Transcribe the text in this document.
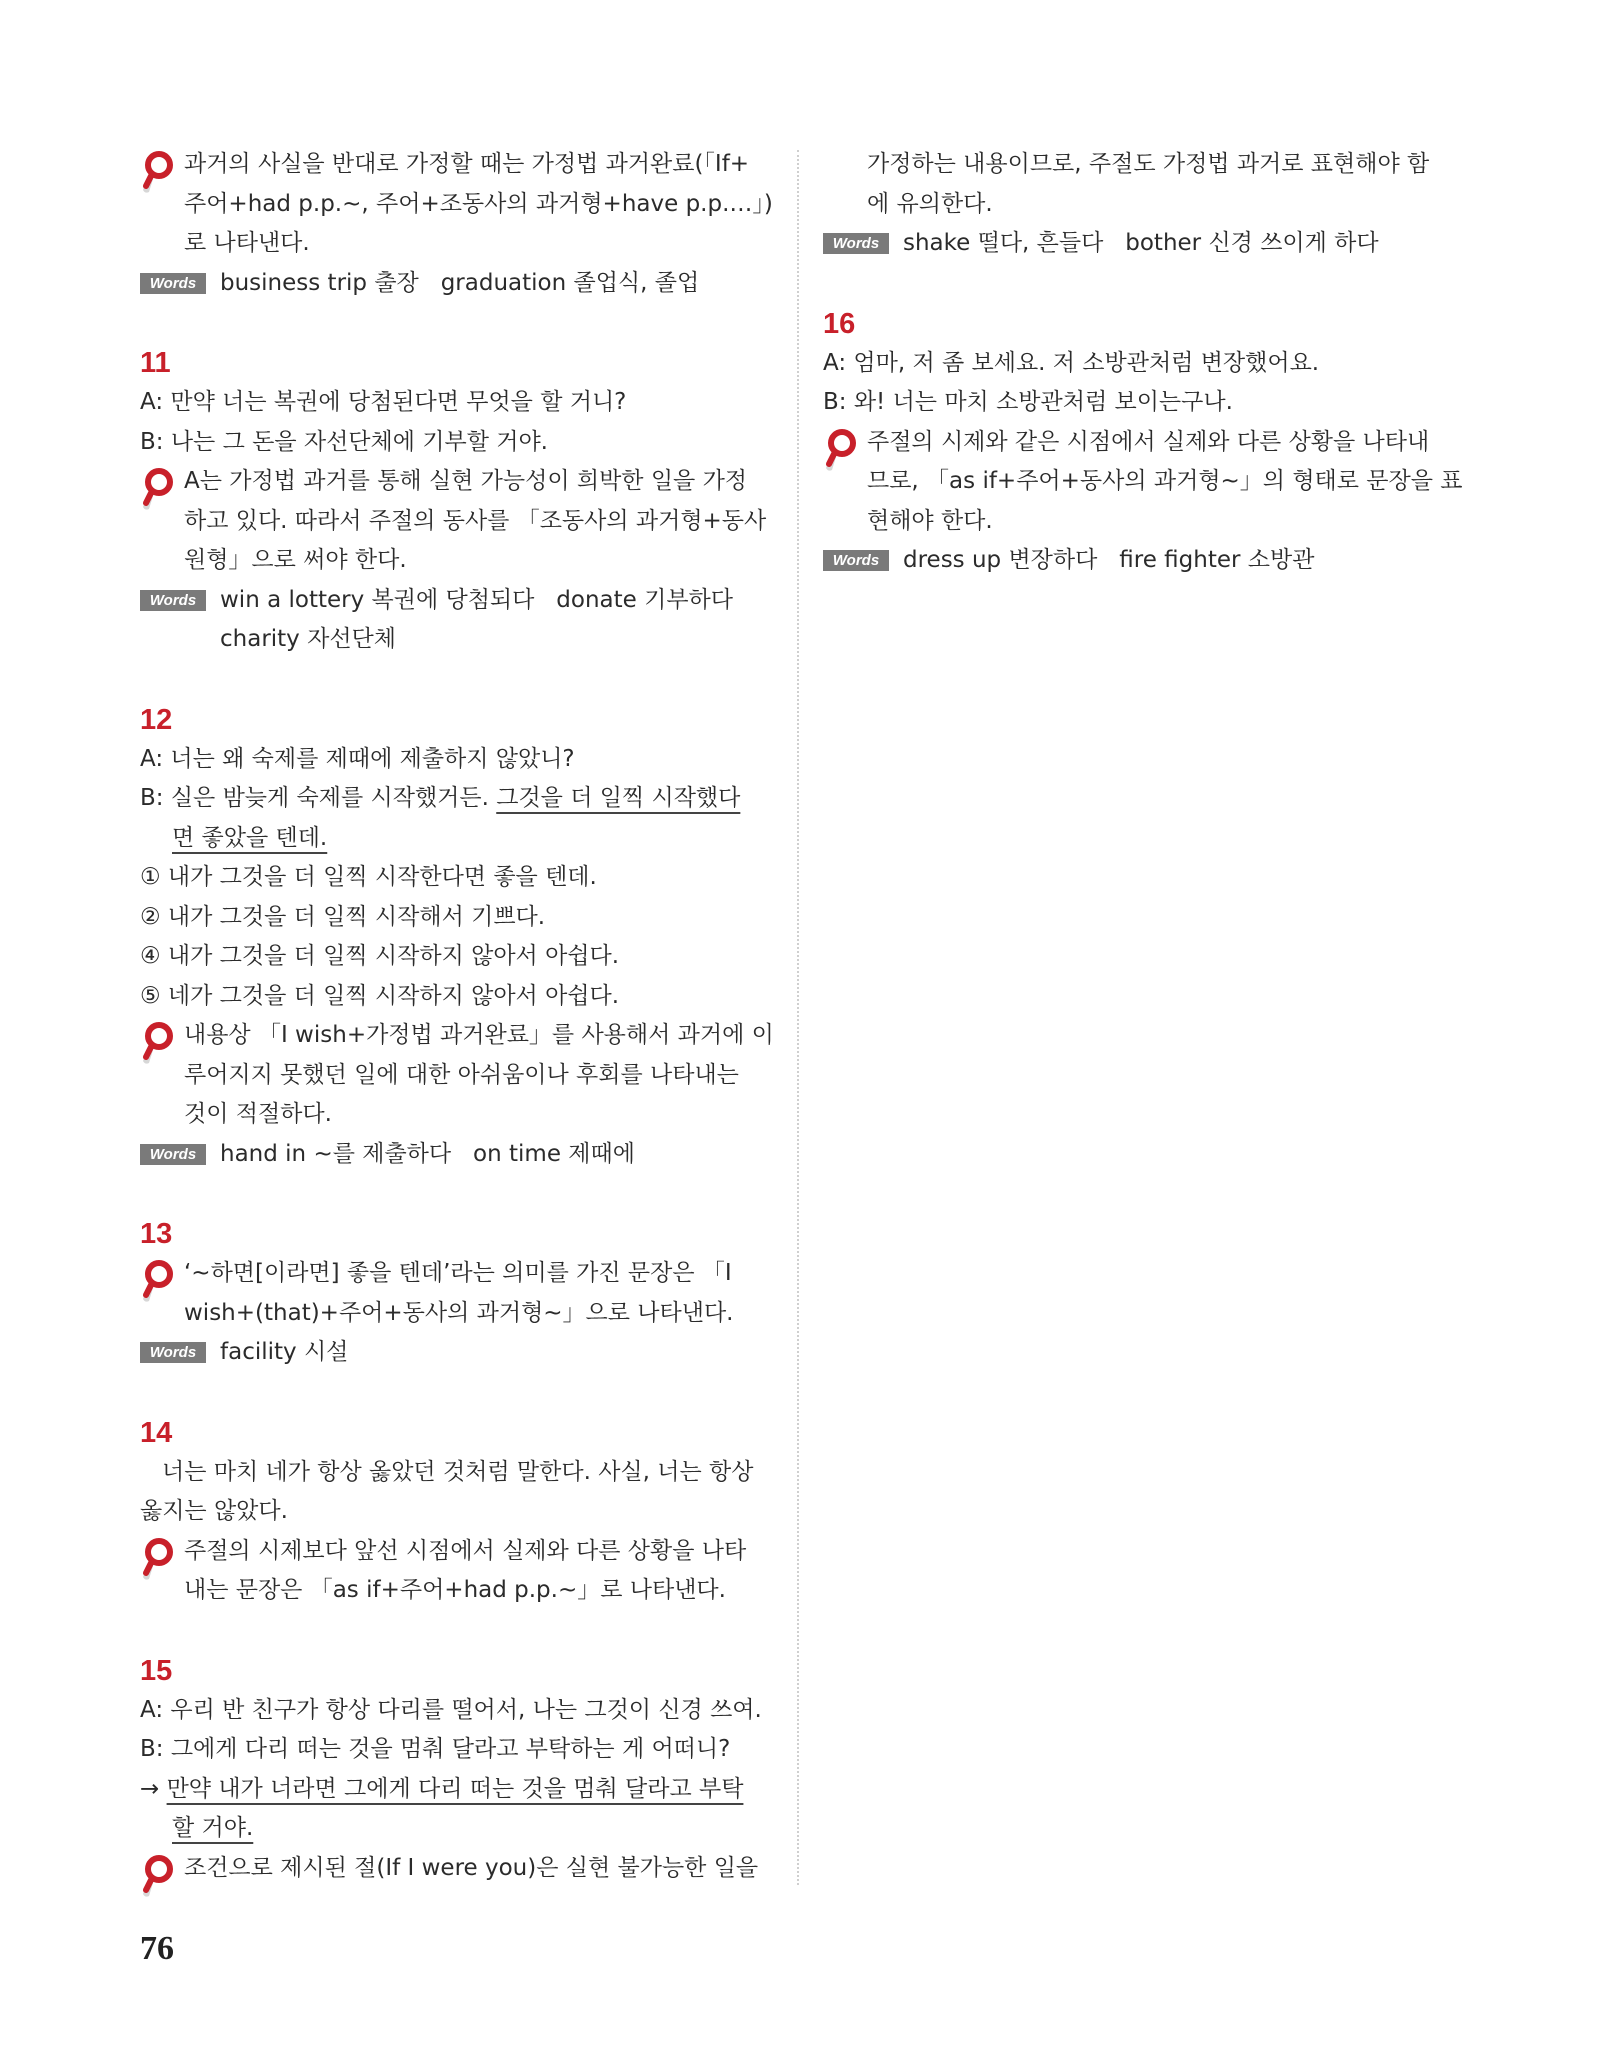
과거의 사실을 반대로 가정할 때는 가정법 과거완료(「If+
주어+had p.p.~, 주어+조동사의 과거형+have p.p.…」)
로 나타낸다.
Words	business trip 출장   graduation 졸업식, 졸업
11
A: 만약 너는 복권에 당첨된다면 무엇을 할 거니?
B: 나는 그 돈을 자선단체에 기부할 거야.
A는 가정법 과거를 통해 실현 가능성이 희박한 일을 가정
하고 있다. 따라서 주절의 동사를 「조동사의 과거형+동사
원형」으로 써야 한다.
Words	win a lottery 복권에 당첨되다   donate 기부하다
charity 자선단체
12
A: 너는 왜 숙제를 제때에 제출하지 않았니?
B: 실은 밤늦게 숙제를 시작했거든. 그것을 더 일찍 시작했다
면 좋았을 텐데.
① 내가 그것을 더 일찍 시작한다면 좋을 텐데.
② 내가 그것을 더 일찍 시작해서 기쁘다.
④ 내가 그것을 더 일찍 시작하지 않아서 아쉽다.
⑤ 네가 그것을 더 일찍 시작하지 않아서 아쉽다.
내용상 「I wish+가정법 과거완료」를 사용해서 과거에 이
루어지지 못했던 일에 대한 아쉬움이나 후회를 나타내는
것이 적절하다.
Words	hand in ~를 제출하다   on time 제때에
13
‘~하면[이라면] 좋을 텐데’라는 의미를 가진 문장은 「I
wish+(that)+주어+동사의 과거형~」으로 나타낸다.
Words	facility 시설
14
너는 마치 네가 항상 옳았던 것처럼 말한다. 사실, 너는 항상
옳지는 않았다.
주절의 시제보다 앞선 시점에서 실제와 다른 상황을 나타
내는 문장은 「as if+주어+had p.p.~」로 나타낸다.
15
A: 우리 반 친구가 항상 다리를 떨어서, 나는 그것이 신경 쓰여.
B: 그에게 다리 떠는 것을 멈춰 달라고 부탁하는 게 어떠니?
→ 만약 내가 너라면 그에게 다리 떠는 것을 멈춰 달라고 부탁
할 거야.
조건으로 제시된 절(If I were you)은 실현 불가능한 일을
가정하는 내용이므로, 주절도 가정법 과거로 표현해야 함
에 유의한다.
Words	shake 떨다, 흔들다   bother 신경 쓰이게 하다
16
A: 엄마, 저 좀 보세요. 저 소방관처럼 변장했어요.
B: 와! 너는 마치 소방관처럼 보이는구나.
주절의 시제와 같은 시점에서 실제와 다른 상황을 나타내
므로, 「as if+주어+동사의 과거형~」의 형태로 문장을 표
현해야 한다.
Words	dress up 변장하다   fire fighter 소방관
76
